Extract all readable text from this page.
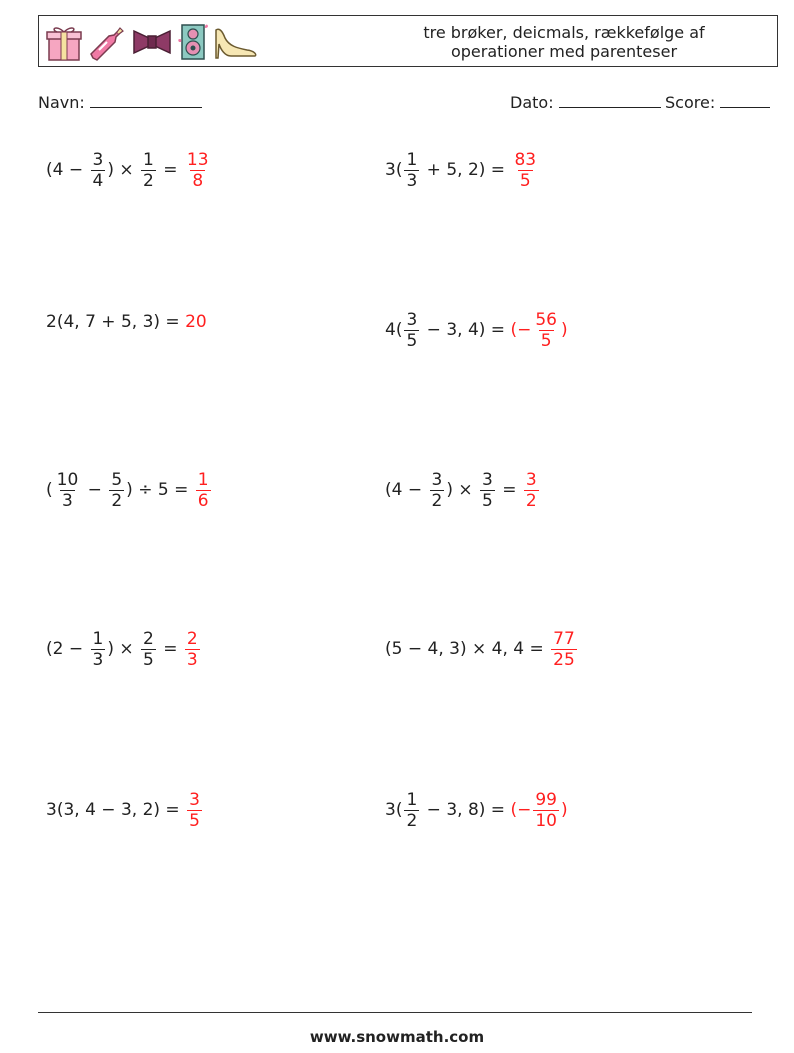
tre brøker, deicmals, rækkefølge af
operationer med parenteser
Navn:	Dato:	Score:
($4 - \frac{3}{4}$ ) × $\frac{1}{2} = \frac{13}{8}$	$3( \frac{1}{3} + 5$, $2) = \frac{83}{5}$
2(4, 7 + 5, 3) = 20	$4( \frac{3}{5} - 3$, 4) = (− $\frac{56}{5}$ )
( $\frac{10}{3} - \frac{5}{2}$ ) ÷ $5 = \frac{1}{6}$	($4 - \frac{3}{2}$ ) × $\frac{3}{5} = \frac{3}{2}$
($2 - \frac{1}{3}$ ) × $\frac{2}{5} = \frac{2}{3}$	(5 − 4, 3) × 4, $4 = \frac{77}{25}$
3(3, 4 − 3, $2) = \frac{3}{5}$	$3( \frac{1}{2} - 3$, 8) = (− $\frac{99}{10}$ )
www.snowmath.com
